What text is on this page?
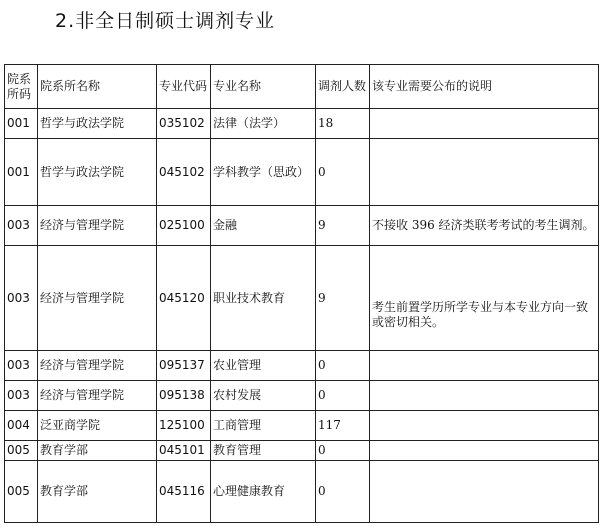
2.非全日制硕士调剂专业
院系所码	院系所名称	专业代码	专业名称	调剂人数	该专业需要公布的说明
001	哲学与政法学院	035102	法律（法学）	18	
001	哲学与政法学院	045102	学科教学（思政）	0	
003	经济与管理学院	025100	金融	9	不接收 396 经济类联考考试的考生调剂。
003	经济与管理学院	045120	职业技术教育	9	考生前置学历所学专业与本专业方向一致或密切相关。
003	经济与管理学院	095137	农业管理	0	
003	经济与管理学院	095138	农村发展	0	
004	泛亚商学院	125100	工商管理	117	
005	教育学部	045101	教育管理	0	
005	教育学部	045116	心理健康教育	0	
